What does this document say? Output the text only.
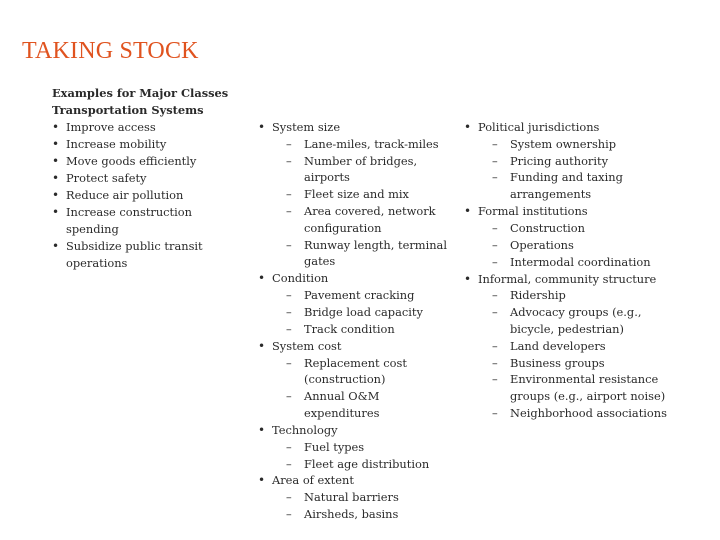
TAKING STOCK
Examples for Major Classes
Transportation Systems
• Improve access
• Increase mobility
• Move goods efficiently
• Protect safety
• Reduce air pollution
• Increase construction spending
• Subsidize public transit operations
• System size
– Lane-miles, track-miles
– Number of bridges, airports
– Fleet size and mix
– Area covered, network configuration
– Runway length, terminal gates
• Condition
– Pavement cracking
– Bridge load capacity
– Track condition
• System cost
– Replacement cost (construction)
– Annual O&M expenditures
• Technology
– Fuel types
– Fleet age distribution
• Area of extent
– Natural barriers
– Airsheds, basins
• Political jurisdictions
– System ownership
– Pricing authority
– Funding and taxing arrangements
• Formal institutions
– Construction
– Operations
– Intermodal coordination
• Informal, community structure
– Ridership
– Advocacy groups (e.g., bicycle, pedestrian)
– Land developers
– Business groups
– Environmental resistance groups (e.g., airport noise)
– Neighborhood associations
